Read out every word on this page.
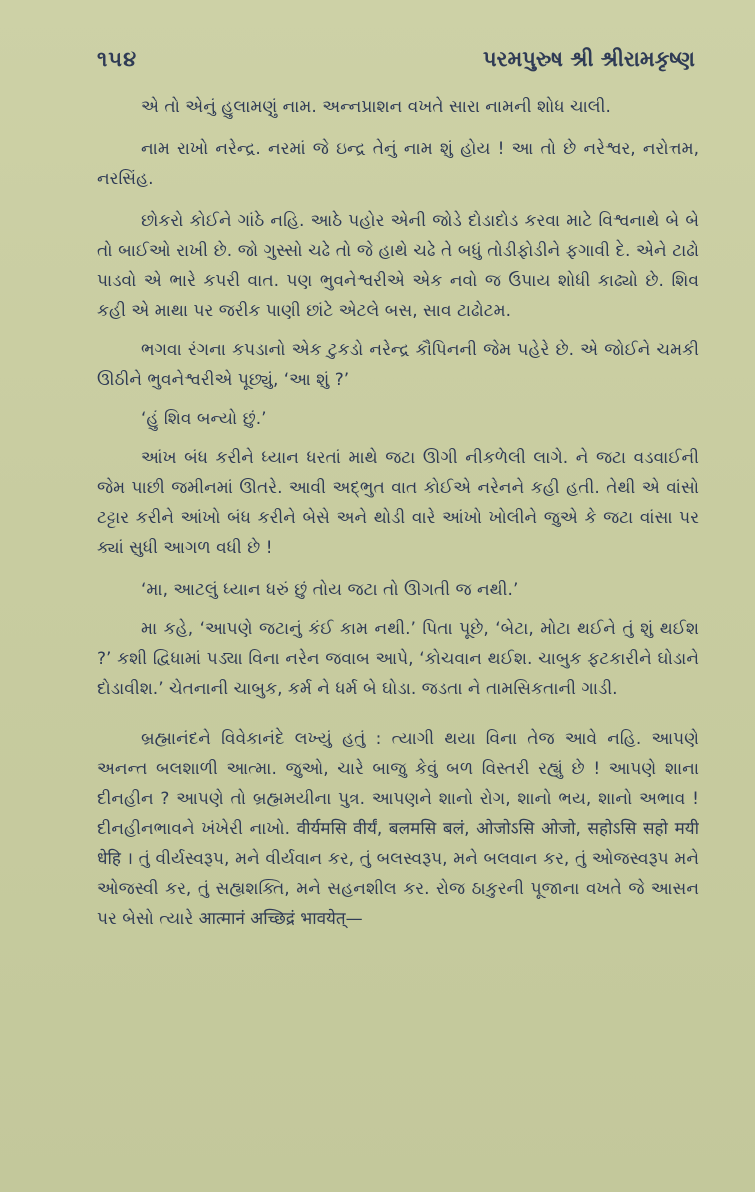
૧૫૪	પરમપુરુષ શ્રી શ્રીરામકૃષ્ણ

એ તો એનું હુલામણું નામ. અન્નપ્રાશન વખતે સારા નામની શોધ ચાલી.

નામ રાખો નરેન્દ્ર. નરમાં જે ઇન્દ્ર તેનું નામ શું હોય ! આ તો છે નરેશ્વર, નરોત્તમ, નરસિંહ.

છોકરો કોઈને ગાંઠે નહિ. આઠે પહોર એની જોડે દોડાદોડ કરવા માટે વિશ્વનાથે બે બે તો બાઈઓ રાખી છે. જો ગુસ્સો ચઢે તો જે હાથે ચઢે તે બધું તોડીફોડીને ફગાવી દે. એને ટાઢો પાડવો એ ભારે કપરી વાત. પણ ભુવનેશ્વરીએ એક નવો જ ઉપાય શોધી કાઢ્યો છે. શિવ કહી એ માથા પર જરીક પાણી છાંટે એટલે બસ, સાવ ટાઢોટમ.

ભગવા રંગના કપડાનો એક ટુકડો નરેન્દ્ર કૌપિનની જેમ પહેરે છે. એ જોઈને ચમકી ઊઠીને ભુવનેશ્વરીએ પૂછ્યું, ‘આ શું ?’

‘હું શિવ બન્યો છું.’

આંખ બંધ કરીને ધ્યાન ધરતાં માથે જટા ઊગી નીકળેલી લાગે. ને જટા વડવાઈની જેમ પાછી જમીનમાં ઊતરે. આવી અદ્ભુત વાત કોઈએ નરેનને કહી હતી. તેથી એ વાંસો ટટ્ટાર કરીને આંખો બંધ કરીને બેસે અને થોડી વારે આંખો ખોલીને જુએ કે જટા વાંસા પર ક્યાં સુધી આગળ વધી છે !

‘મા, આટલું ધ્યાન ધરું છું તોય જટા તો ઊગતી જ નથી.’

મા કહે, ‘આપણે જટાનું કંઈ કામ નથી.’ પિતા પૂછે, ‘બેટા, મોટા થઈને તું શું થઈશ ?’ કશી દ્વિધામાં પડ્યા વિના નરેન જવાબ આપે, ‘કોચવાન થઈશ. ચાબુક ફટકારીને ઘોડાને દોડાવીશ.’ ચેતનાની ચાબુક, કર્મ ને ધર્મ બે ઘોડા. જડતા ને તામસિકતાની ગાડી.

બ્રહ્માનંદને વિવેકાનંદે લખ્યું હતું : ત્યાગી થયા વિના તેજ આવે નહિ. આપણે અનન્ત બલશાળી આત્મા. જુઓ, ચારે બાજુ કેવું બળ વિસ્તરી રહ્યું છે ! આપણે શાના દીનહીન ? આપણે તો બ્રહ્મમયીના પુત્ર. આપણને શાનો રોગ, શાનો ભય, શાનો અભાવ ! દીનહીનભાવને ખંખેરી નાખો. वीर्यमसि वीर्यं, बलमसि बलं, ओजोऽसि ओजो, सहोऽसि सहो मयी धेहि । તું વીર્યસ્વરૂપ, મને વીર્યવાન કર, તું બલસ્વરૂપ, મને બલવાન કર, તું ઓજસ્વરૂપ મને ઓજસ્વી કર, તું સહ્યશક્તિ, મને સહનશીલ કર. રોજ ઠાકુરની પૂજાના વખતે જે આસન પર બેસો ત્યારે आत्मानं अच्छिद्रं भावयेत्—
